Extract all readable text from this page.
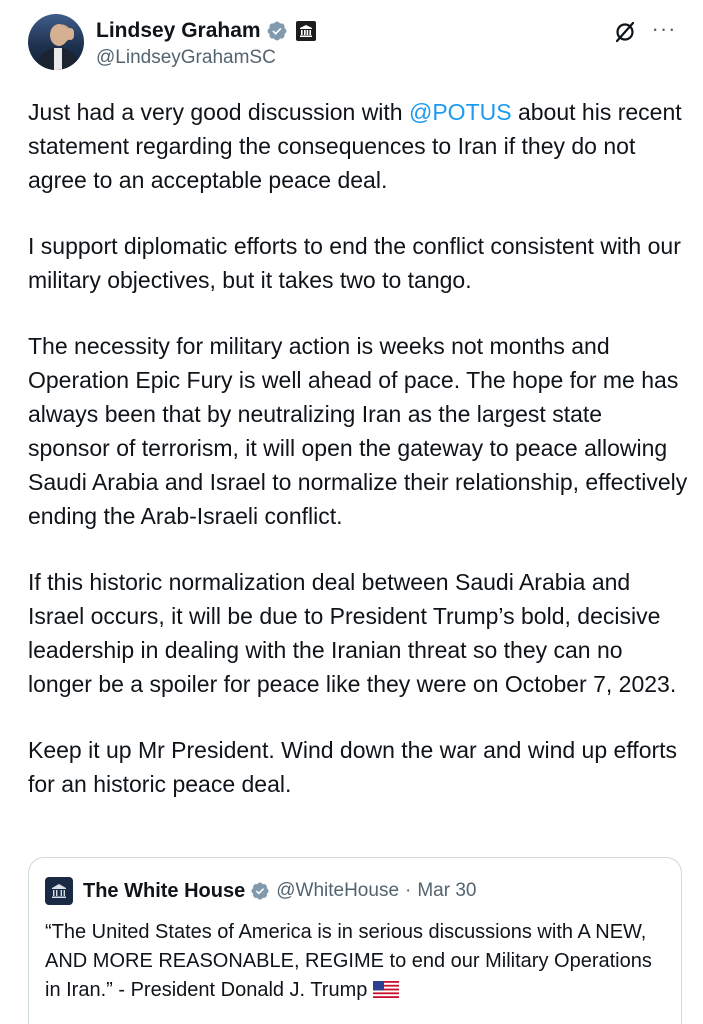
Lindsey Graham
@LindseyGrahamSC
···

Just had a very good discussion with @POTUS about his recent statement regarding the consequences to Iran if they do not agree to an acceptable peace deal.

I support diplomatic efforts to end the conflict consistent with our military objectives, but it takes two to tango.

The necessity for military action is weeks not months and Operation Epic Fury is well ahead of pace. The hope for me has always been that by neutralizing Iran as the largest state sponsor of terrorism, it will open the gateway to peace allowing Saudi Arabia and Israel to normalize their relationship, effectively ending the Arab-Israeli conflict.

If this historic normalization deal between Saudi Arabia and Israel occurs, it will be due to President Trump’s bold, decisive leadership in dealing with the Iranian threat so they can no longer be a spoiler for peace like they were on October 7, 2023.

Keep it up Mr President. Wind down the war and wind up efforts for an historic peace deal.

The White House @WhiteHouse · Mar 30
“The United States of America is in serious discussions with A NEW, AND MORE REASONABLE, REGIME to end our Military Operations in Iran.” - President Donald J. Trump
